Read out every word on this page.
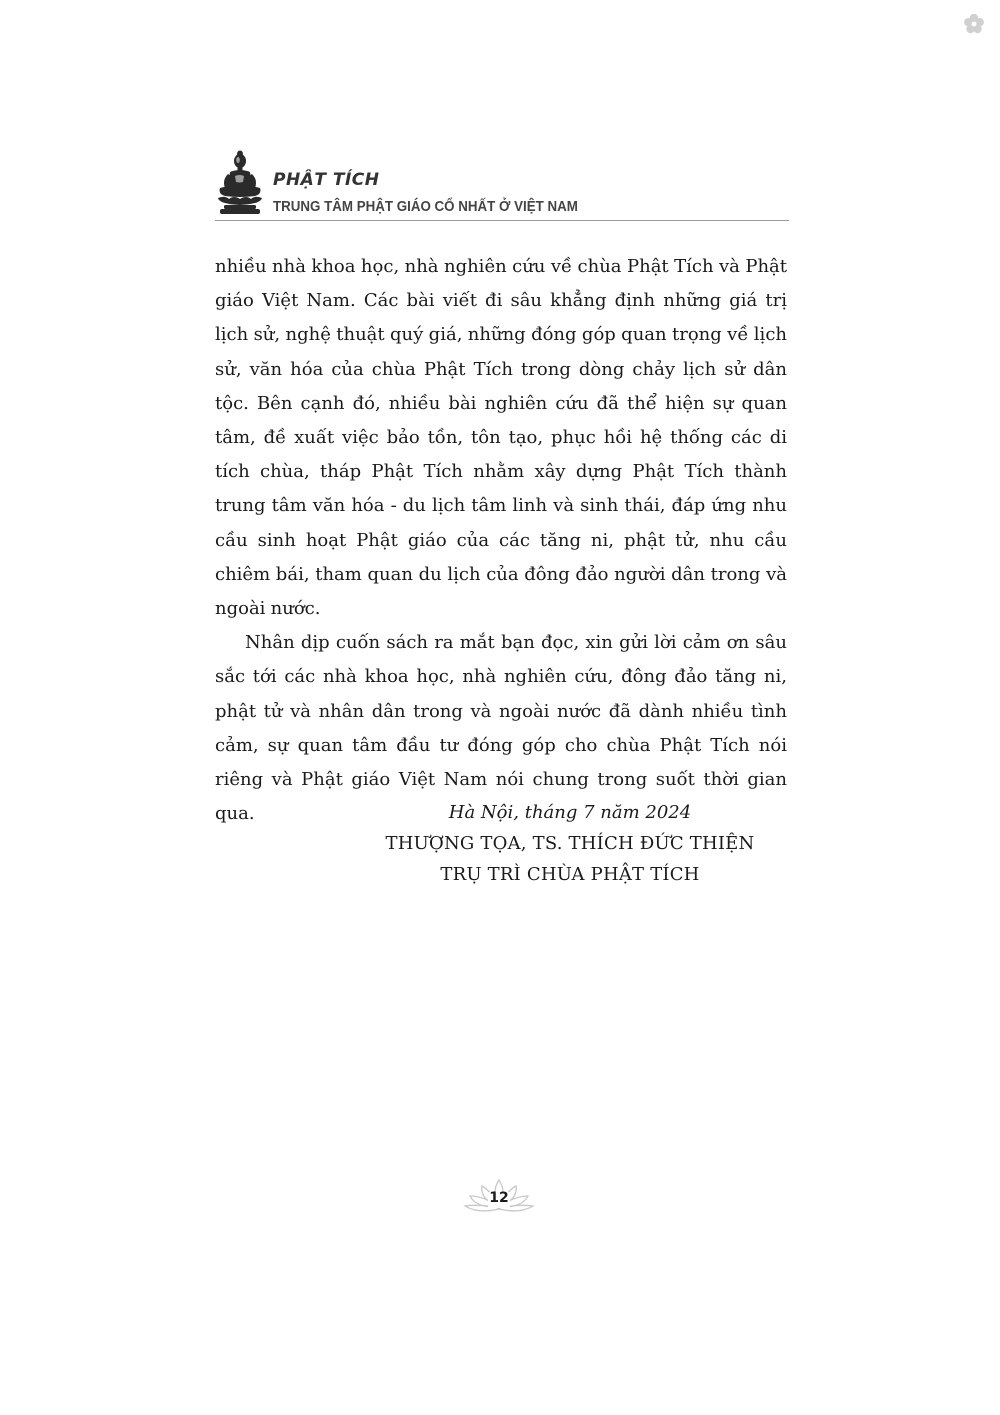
PHẬT TÍCH
TRUNG TÂM PHẬT GIÁO CỔ NHẤT Ở VIỆT NAM

nhiều nhà khoa học, nhà nghiên cứu về chùa Phật Tích và Phật giáo Việt Nam. Các bài viết đi sâu khẳng định những giá trị lịch sử, nghệ thuật quý giá, những đóng góp quan trọng về lịch sử, văn hóa của chùa Phật Tích trong dòng chảy lịch sử dân tộc. Bên cạnh đó, nhiều bài nghiên cứu đã thể hiện sự quan tâm, đề xuất việc bảo tồn, tôn tạo, phục hồi hệ thống các di tích chùa, tháp Phật Tích nhằm xây dựng Phật Tích thành trung tâm văn hóa - du lịch tâm linh và sinh thái, đáp ứng nhu cầu sinh hoạt Phật giáo của các tăng ni, phật tử, nhu cầu chiêm bái, tham quan du lịch của đông đảo người dân trong và ngoài nước.

Nhân dịp cuốn sách ra mắt bạn đọc, xin gửi lời cảm ơn sâu sắc tới các nhà khoa học, nhà nghiên cứu, đông đảo tăng ni, phật tử và nhân dân trong và ngoài nước đã dành nhiều tình cảm, sự quan tâm đầu tư đóng góp cho chùa Phật Tích nói riêng và Phật giáo Việt Nam nói chung trong suốt thời gian qua.	Hà Nội, tháng 7 năm 2024
THƯỢNG TỌA, TS. THÍCH ĐỨC THIỆN
TRỤ TRÌ CHÙA PHẬT TÍCH
12
